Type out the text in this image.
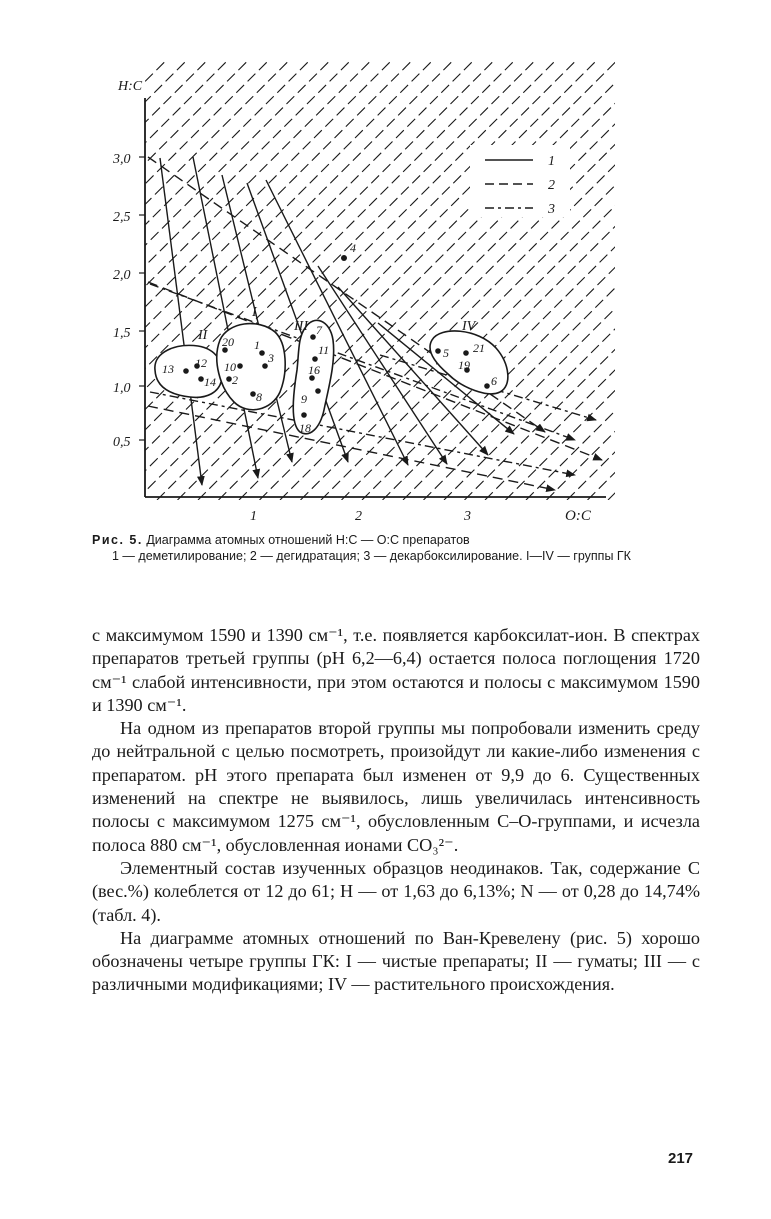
H:C
O:C
3,0
2,5
2,0
1,5
1,0
0,5
1	2	3
1
2
3
I
II
III	IV
4
20 1
10
3
2
8
13 12
14
7
11
16
9
18
5 21
19
6

Рис. 5. Диаграмма атомных отношений Н:С — О:С препаратов

1 — деметилирование; 2 — дегидратация; 3 — декарбоксилирование. I—IV — группы ГК

с максимумом 1590 и 1390 см⁻¹, т.е. появляется карбоксилат-ион. В спектрах препаратов третьей группы (рН 6,2—6,4) остается полоса поглощения 1720 см⁻¹ слабой интенсивности, при этом остаются и полосы с максимумом 1590 и 1390 см⁻¹.

На одном из препаратов второй группы мы попробовали изменить среду до нейтральной с целью посмотреть, произойдут ли какие-либо изменения с препаратом. рН этого препарата был изменен от 9,9 до 6. Существенных изменений на спектре не выявилось, лишь увеличилась интенсивность полосы с максимумом 1275 см⁻¹, обусловленным С–О-группами, и исчезла полоса 880 см⁻¹, обусловленная ионами CO₃²⁻.

Элементный состав изученных образцов неодинаков. Так, содержание С (вес.%) колеблется от 12 до 61; Н — от 1,63 до 6,13%; N — от 0,28 до 14,74% (табл. 4).

На диаграмме атомных отношений по Ван-Кревелену (рис. 5) хорошо обозначены четыре группы ГК: I — чистые препараты; II — гуматы; III — с различными модификациями; IV — растительного происхождения.

217
